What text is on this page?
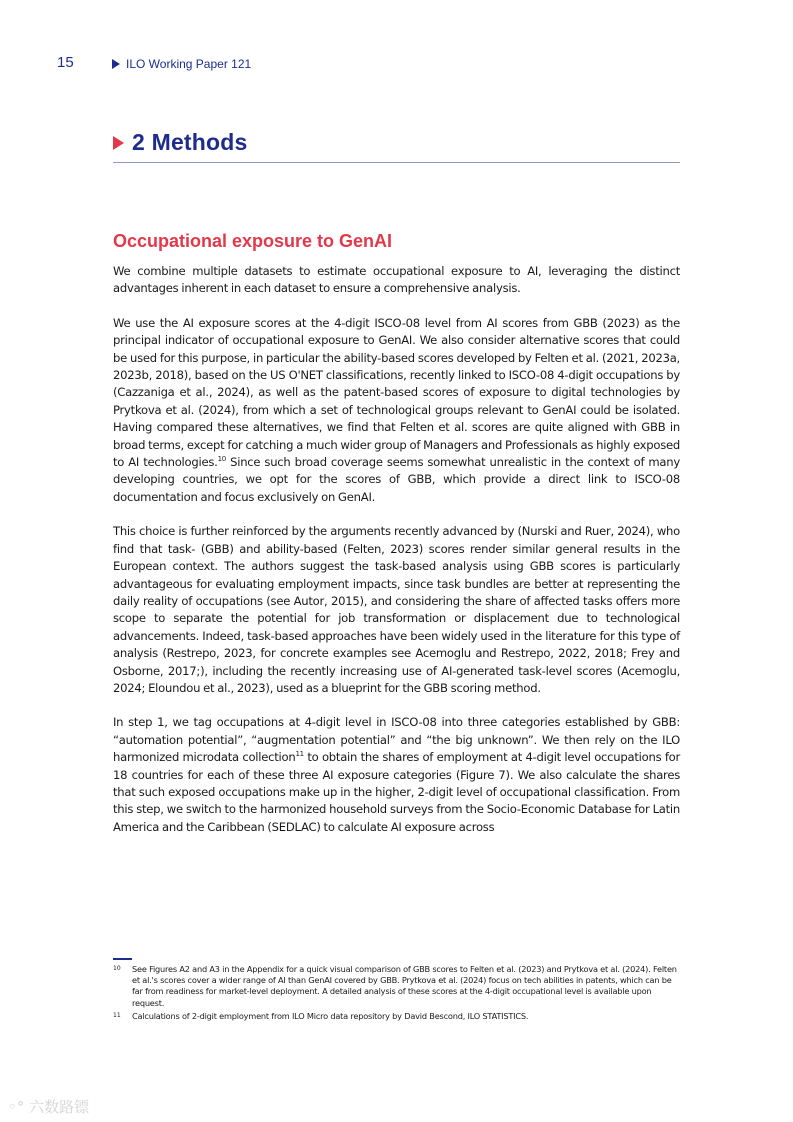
15	ILO Working Paper 121
2 Methods
Occupational exposure to GenAI

We combine multiple datasets to estimate occupational exposure to AI, leveraging the distinct advantages inherent in each dataset to ensure a comprehensive analysis.

We use the AI exposure scores at the 4-digit ISCO-08 level from AI scores from GBB (2023) as the principal indicator of occupational exposure to GenAI. We also consider alternative scores that could be used for this purpose, in particular the ability-based scores developed by Felten et al. (2021, 2023a, 2023b, 2018), based on the US O'NET classifications, recently linked to ISCO-08 4-digit occupations by (Cazzaniga et al., 2024), as well as the patent-based scores of exposure to digital technologies by Prytkova et al. (2024), from which a set of technological groups relevant to GenAI could be isolated. Having compared these alternatives, we find that Felten et al. scores are quite aligned with GBB in broad terms, except for catching a much wider group of Managers and Professionals as highly exposed to AI technologies.$^{10}$ Since such broad coverage seems somewhat unrealistic in the context of many developing countries, we opt for the scores of GBB, which provide a direct link to ISCO-08 documentation and focus exclusively on GenAI.

This choice is further reinforced by the arguments recently advanced by (Nurski and Ruer, 2024), who find that task- (GBB) and ability-based (Felten, 2023) scores render similar general results in the European context. The authors suggest the task-based analysis using GBB scores is particularly advantageous for evaluating employment impacts, since task bundles are better at representing the daily reality of occupations (see Autor, 2015), and considering the share of affected tasks offers more scope to separate the potential for job transformation or displacement due to technological advancements. Indeed, task-based approaches have been widely used in the literature for this type of analysis (Restrepo, 2023, for concrete examples see Acemoglu and Restrepo, 2022, 2018; Frey and Osborne, 2017;), including the recently increasing use of AI-generated task-level scores (Acemoglu, 2024; Eloundou et al., 2023), used as a blueprint for the GBB scoring method.

In step 1, we tag occupations at 4-digit level in ISCO-08 into three categories established by GBB: “automation potential”, “augmentation potential” and “the big unknown”. We then rely on the ILO harmonized microdata collection$^{11}$ to obtain the shares of employment at 4-digit level occupations for 18 countries for each of these three AI exposure categories (Figure 7). We also calculate the shares that such exposed occupations make up in the higher, 2-digit level of occupational classification. From this step, we switch to the harmonized household surveys from the Socio-Economic Database for Latin America and the Caribbean (SEDLAC) to calculate AI exposure across

10	See Figures A2 and A3 in the Appendix for a quick visual comparison of GBB scores to Felten et al. (2023) and Prytkova et al. (2024). Felten et al.'s scores cover a wider range of AI than GenAI covered by GBB. Prytkova et al. (2024) focus on tech abilities in patents, which can be far from readiness for market-level deployment. A detailed analysis of these scores at the 4-digit occupational level is available upon request.
11	Calculations of 2-digit employment from ILO Micro data repository by David Bescond, ILO STATISTICS.
◦° 六数路镖
